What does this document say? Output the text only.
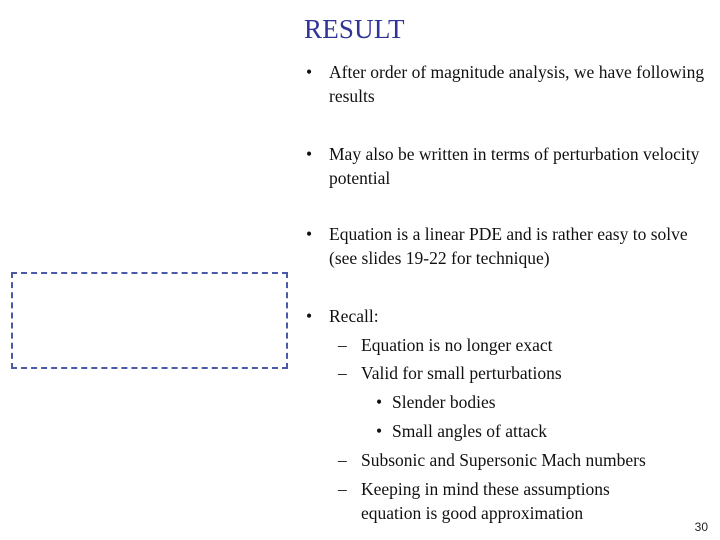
RESULT
• After order of magnitude analysis, we have following results
• May also be written in terms of perturbation velocity potential
• Equation is a linear PDE and is rather easy to solve (see slides 19-22 for technique)
• Recall:
– Equation is no longer exact
– Valid for small perturbations
• Slender bodies
• Small angles of attack
– Subsonic and Supersonic Mach numbers
– Keeping in mind these assumptions equation is good approximation
30
